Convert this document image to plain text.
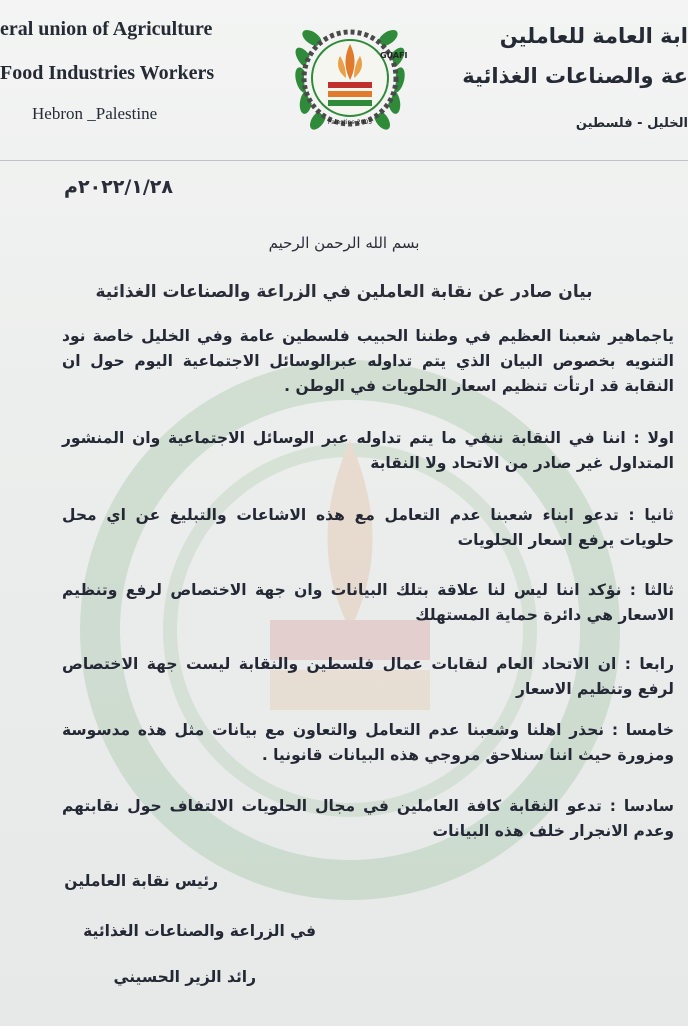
eral union of Agriculture
Food Industries Workers
Hebron _Palestine
GUAFI
Palestine 2005
ابة العامة للعاملين
عة والصناعات الغذائية
الخليل - فلسطين
٢٠٢٢/١/٢٨م
بسم الله الرحمن الرحيم
بيان صادر عن نقابة العاملين في الزراعة والصناعات الغذائية
ياجماهير شعبنا العظيم في وطننا الحبيب فلسطين عامة وفي الخليل خاصة نود التنويه بخصوص البيان الذي يتم تداوله عبرالوسائل الاجتماعية اليوم حول ان النقابة قد ارتأت تنظيم اسعار الحلويات في الوطن .
اولا : اننا في النقابة ننفي ما يتم تداوله عبر الوسائل الاجتماعية وان المنشور المتداول غير صادر من الاتحاد ولا النقابة
ثانيا : تدعو ابناء شعبنا عدم التعامل مع هذه الاشاعات والتبليغ عن اي محل حلويات يرفع اسعار الحلويات
ثالثا : نؤكد اننا ليس لنا علاقة بتلك البيانات وان جهة الاختصاص لرفع وتنظيم الاسعار هي دائرة حماية المستهلك
رابعا : ان الاتحاد العام لنقابات عمال فلسطين والنقابة ليست جهة الاختصاص لرفع وتنظيم الاسعار
خامسا : نحذر اهلنا وشعبنا عدم التعامل والتعاون مع بيانات مثل هذه مدسوسة ومزورة حيث اننا سنلاحق مروجي هذه البيانات قانونيا .
سادسا : تدعو النقابة كافة العاملين في مجال الحلويات الالتفاف حول نقابتهم وعدم الانجرار خلف هذه البيانات
رئيس نقابة العاملين
في الزراعة والصناعات الغذائية
رائد الزير الحسيني
